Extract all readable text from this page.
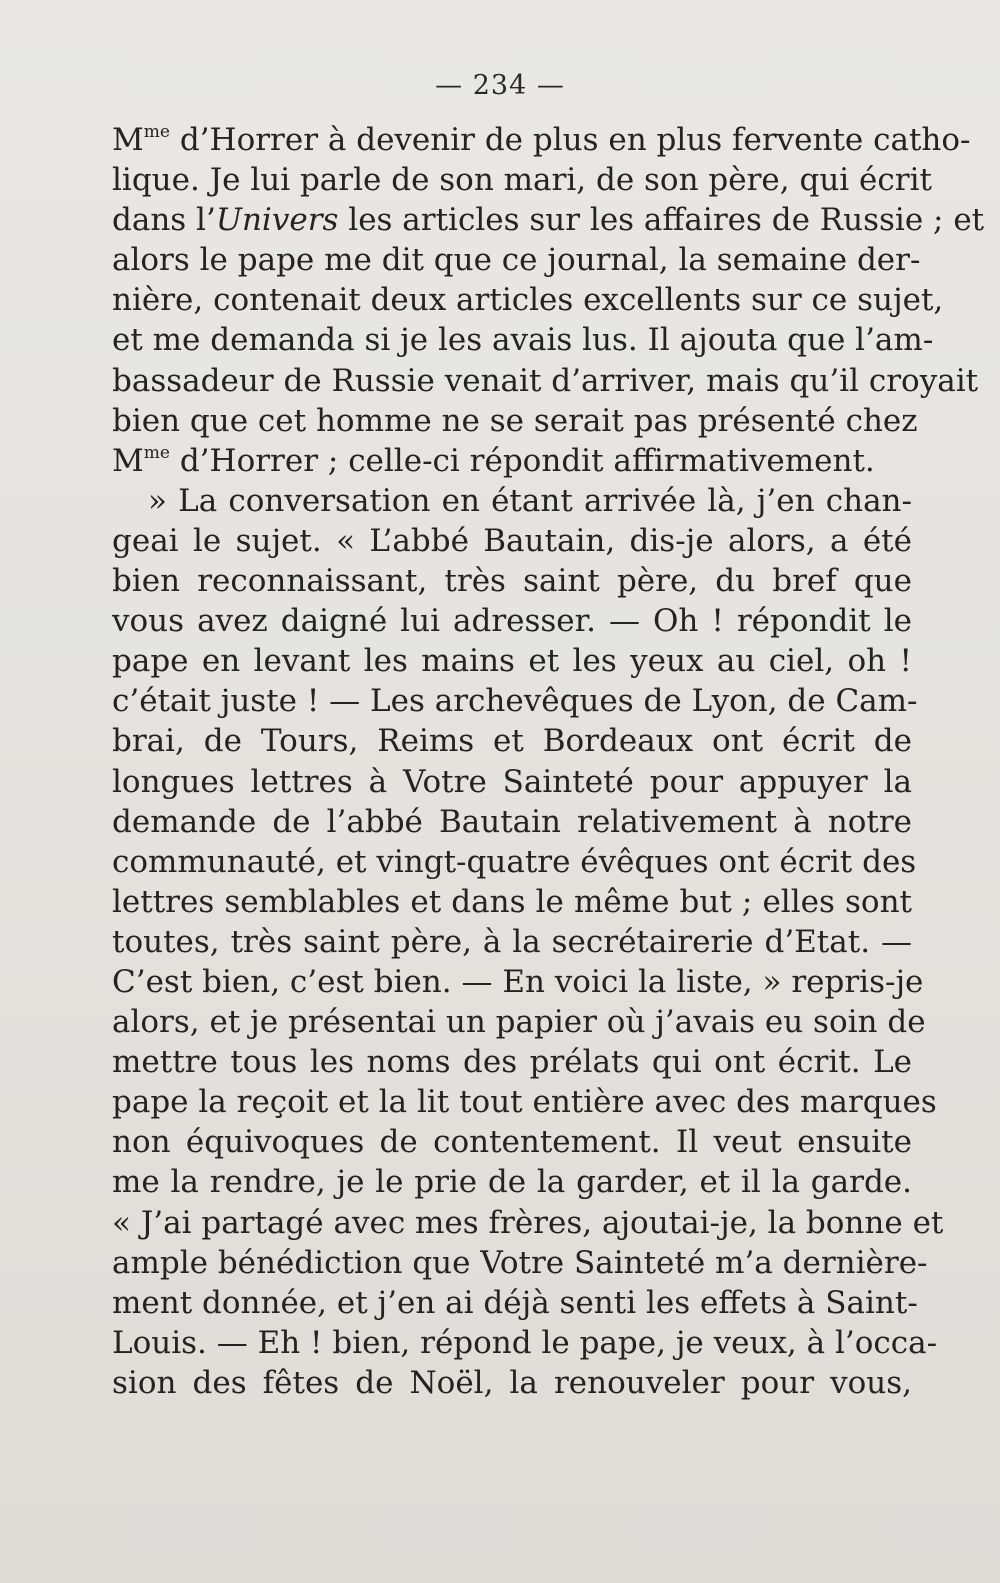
— 234 —
$M^{me}$ d’Horrer à devenir de plus en plus fervente catho-
lique. Je lui parle de son mari, de son père, qui écrit
dans l’Univers les articles sur les affaires de Russie ; et
alors le pape me dit que ce journal, la semaine der-
nière, contenait deux articles excellents sur ce sujet,
et me demanda si je les avais lus. Il ajouta que l’am-
bassadeur de Russie venait d’arriver, mais qu’il croyait
bien que cet homme ne se serait pas présenté chez
$M^{me}$ d’Horrer ; celle-ci répondit affirmativement.
» La conversation en étant arrivée là, j’en chan-
geai le sujet. « L’abbé Bautain, dis-je alors, a été
bien reconnaissant, très saint père, du bref que
vous avez daigné lui adresser. — Oh ! répondit le
pape en levant les mains et les yeux au ciel, oh !
c’était juste ! — Les archevêques de Lyon, de Cam-
brai, de Tours, Reims et Bordeaux ont écrit de
longues lettres à Votre Sainteté pour appuyer la
demande de l’abbé Bautain relativement à notre
communauté, et vingt-quatre évêques ont écrit des
lettres semblables et dans le même but ; elles sont
toutes, très saint père, à la secrétairerie d’Etat. —
C’est bien, c’est bien. — En voici la liste, » repris-je
alors, et je présentai un papier où j’avais eu soin de
mettre tous les noms des prélats qui ont écrit. Le
pape la reçoit et la lit tout entière avec des marques
non équivoques de contentement. Il veut ensuite
me la rendre, je le prie de la garder, et il la garde.
« J’ai partagé avec mes frères, ajoutai-je, la bonne et
ample bénédiction que Votre Sainteté m’a dernière-
ment donnée, et j’en ai déjà senti les effets à Saint-
Louis. — Eh ! bien, répond le pape, je veux, à l’occa-
sion des fêtes de Noël, la renouveler pour vous,
